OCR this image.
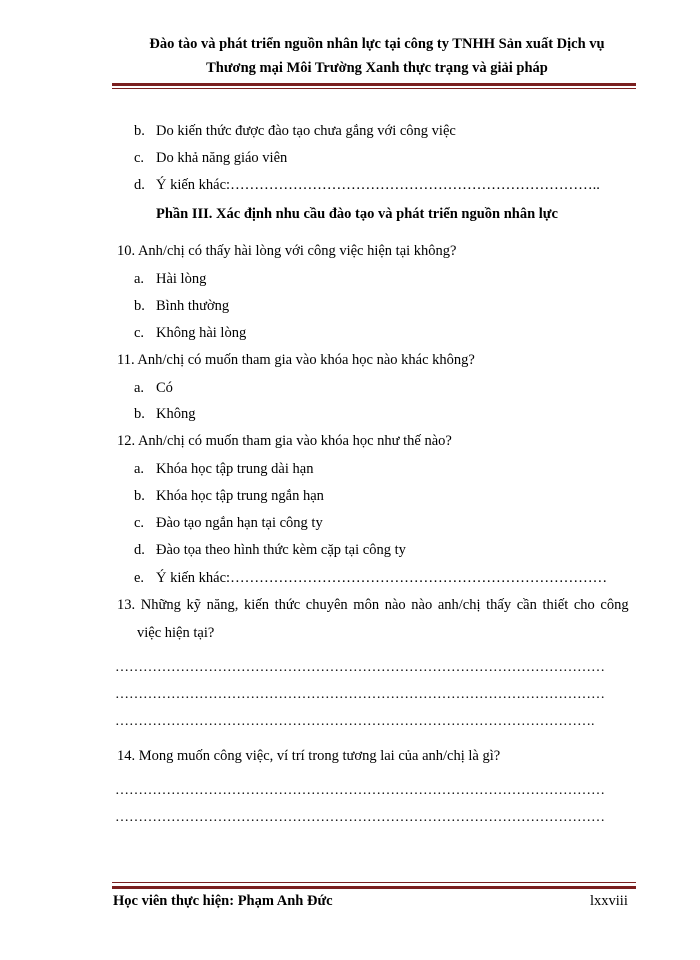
Đào tào và phát triển nguồn nhân lực tại công ty TNHH Sản xuất Dịch vụ
Thương mại Môi Trường Xanh thực trạng và giải pháp
b. Do kiến thức được đào tạo chưa gắng với công việc
c. Do khả năng giáo viên
d. Ý kiến khác:…………………………………………………………………..
Phần III. Xác định nhu cầu đào tạo và phát triển nguồn nhân lực
10. Anh/chị có thấy hài lòng với công việc hiện tại không?
a. Hài lòng
b. Bình thường
c. Không hài lòng
11. Anh/chị có muốn tham gia vào khóa học nào khác không?
a. Có
b. Không
12. Anh/chị có muốn tham gia vào khóa học như thế nào?
a. Khóa học tập trung dài hạn
b. Khóa học tập trung ngắn hạn
c. Đào tạo ngắn hạn tại công ty
d. Đào tọa theo hình thức kèm cặp tại công ty
e. Ý kiến khác:……………………………………………………………………
13. Những kỹ năng, kiến thức chuyên môn nào nào anh/chị thấy cần thiết cho công
việc hiện tại?
……………………………………………………………………………………………
……………………………………………………………………………………………
………………………………………………………………………………………….
14. Mong muốn công việc, ví trí trong tương lai của anh/chị là gì?
……………………………………………………………………………………………
……………………………………………………………………………………………
Học viên thực hiện: Phạm Anh Đức	lxxviii
